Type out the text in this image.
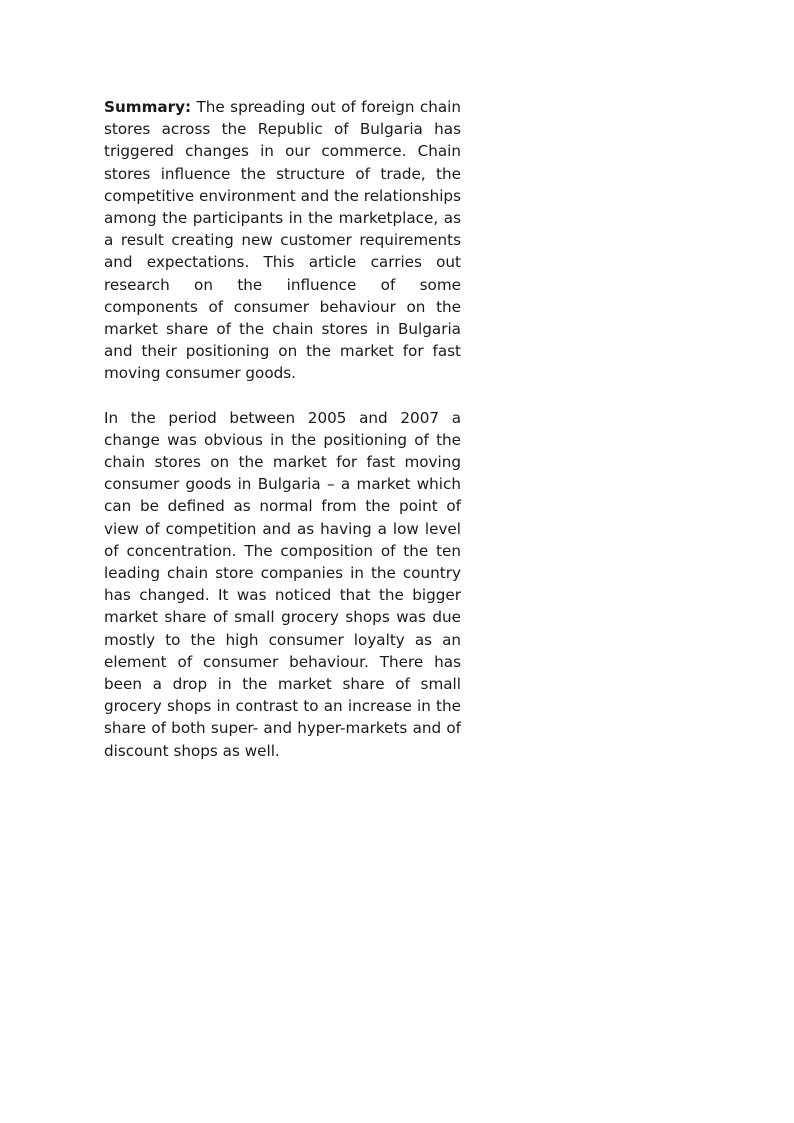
Summary: The spreading out of foreign chain stores across the Republic of Bulgaria has triggered changes in our commerce. Chain stores influence the structure of trade, the competitive environment and the relationships among the participants in the marketplace, as a result creating new customer requirements and expectations. This article carries out research on the influence of some components of consumer behaviour on the market share of the chain stores in Bulgaria and their positioning on the market for fast moving consumer goods.

In the period between 2005 and 2007 a change was obvious in the positioning of the chain stores on the market for fast moving consumer goods in Bulgaria – a market which can be defined as normal from the point of view of competition and as having a low level of concentration. The composition of the ten leading chain store companies in the country has changed. It was noticed that the bigger market share of small grocery shops was due mostly to the high consumer loyalty as an element of consumer behaviour. There has been a drop in the market share of small grocery shops in contrast to an increase in the share of both super- and hyper-markets and of discount shops as well.
